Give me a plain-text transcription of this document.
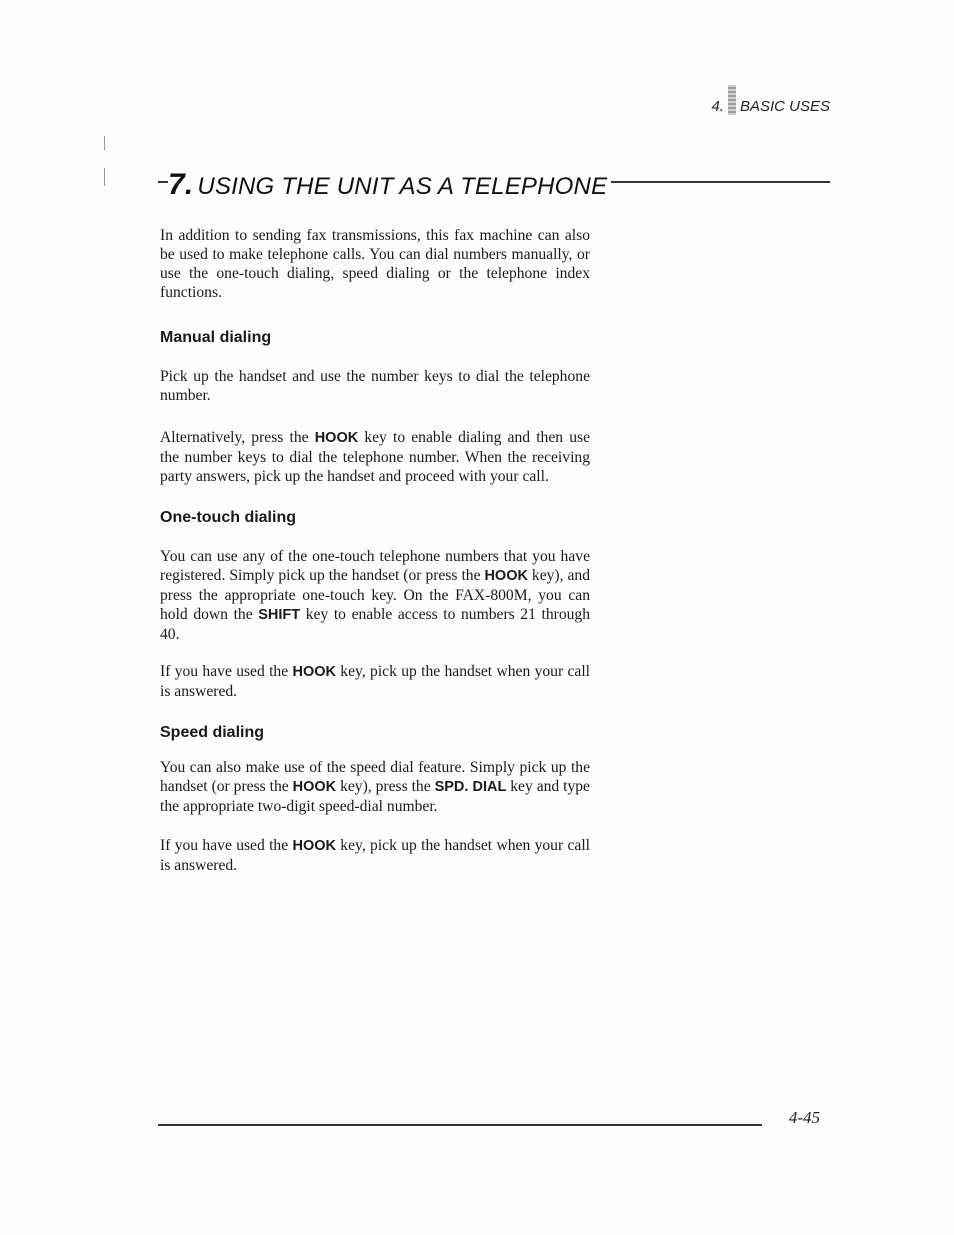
4. BASIC USES
7. USING THE UNIT AS A TELEPHONE

In addition to sending fax transmissions, this fax machine can also be used to make telephone calls. You can dial numbers manually, or use the one-touch dialing, speed dialing or the telephone index functions.

Manual dialing

Pick up the handset and use the number keys to dial the telephone number.

Alternatively, press the HOOK key to enable dialing and then use the number keys to dial the telephone number. When the receiving party answers, pick up the handset and proceed with your call.

One-touch dialing

You can use any of the one-touch telephone numbers that you have registered. Simply pick up the handset (or press the HOOK key), and press the appropriate one-touch key. On the FAX-800M, you can hold down the SHIFT key to enable access to numbers 21 through 40.

If you have used the HOOK key, pick up the handset when your call is answered.

Speed dialing

You can also make use of the speed dial feature. Simply pick up the handset (or press the HOOK key), press the SPD. DIAL key and type the appropriate two-digit speed-dial number.

If you have used the HOOK key, pick up the handset when your call is answered.

4-45
